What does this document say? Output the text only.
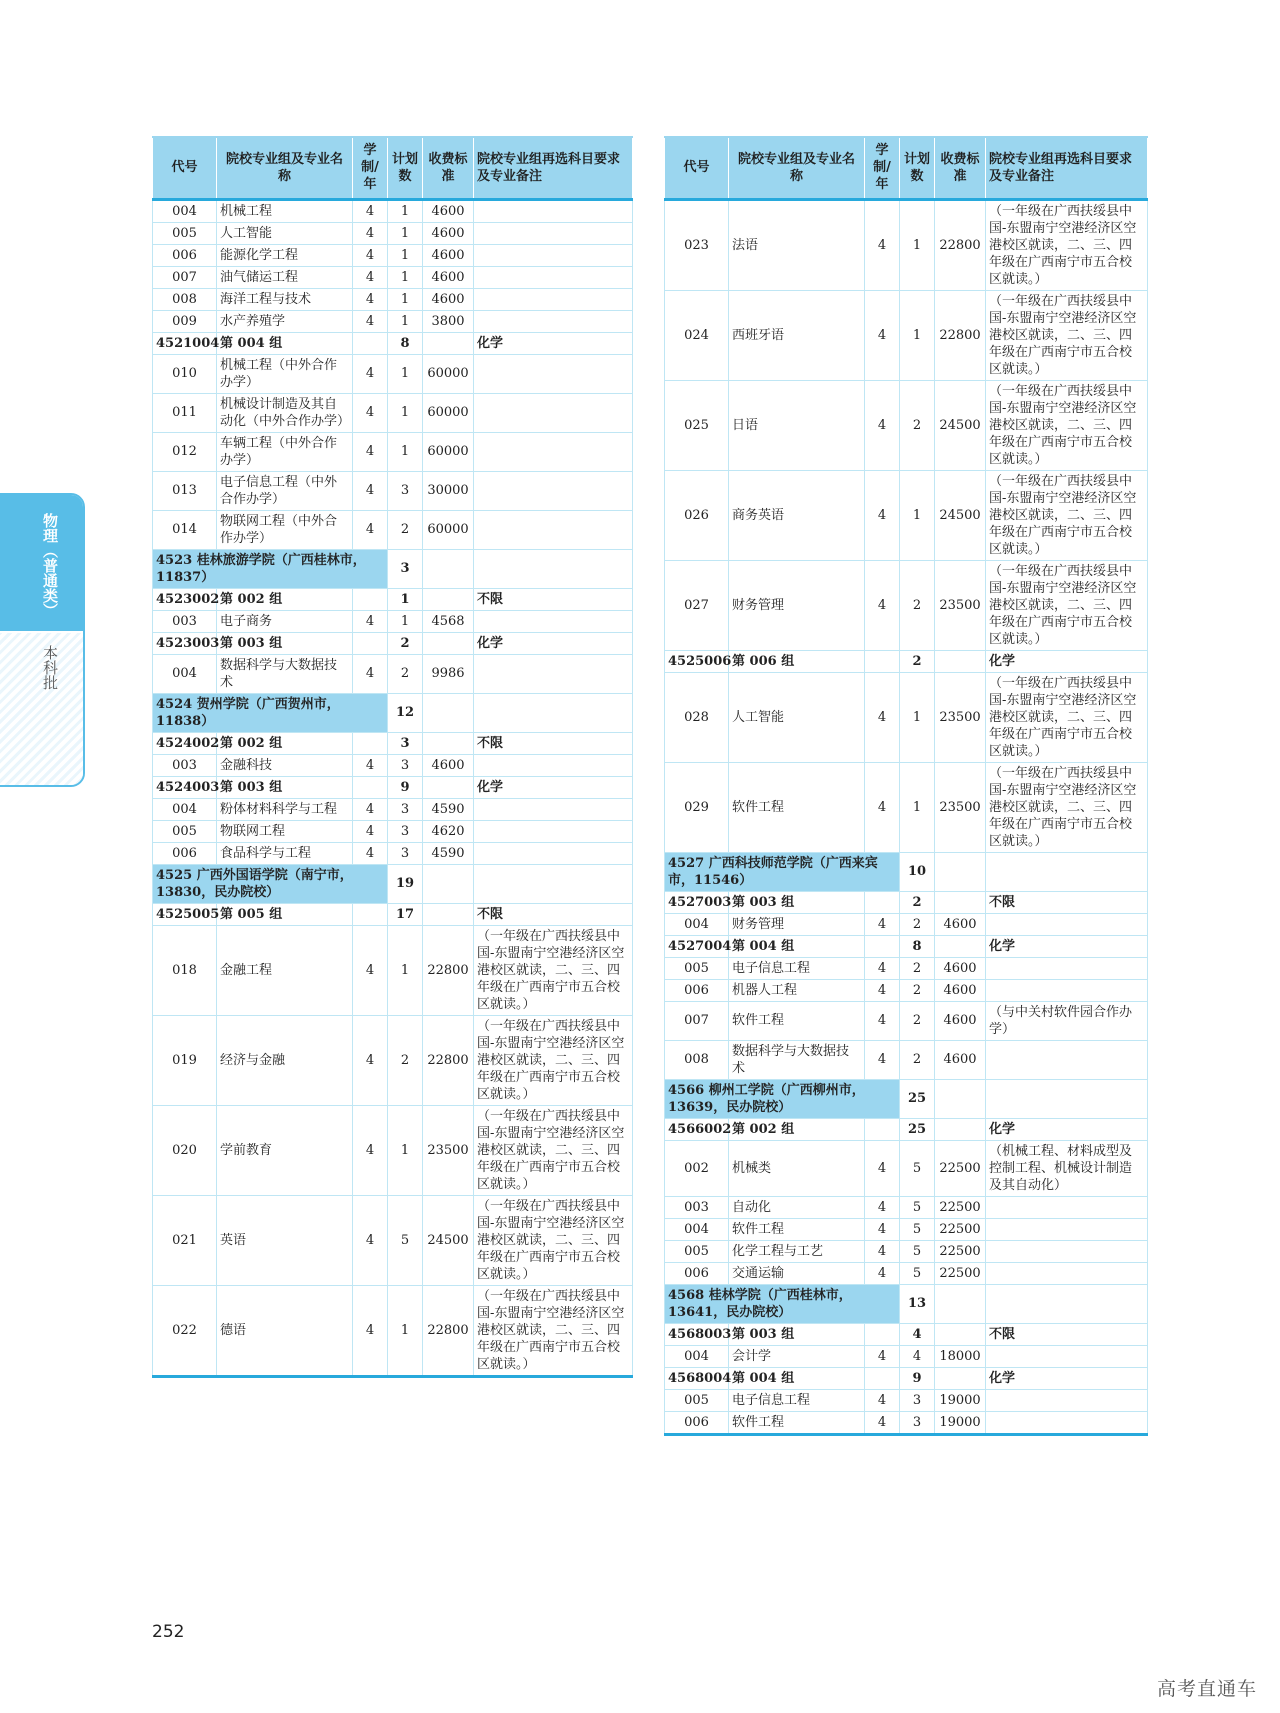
物理（普通类）
本科批
代号	院校专业组及专业名称	学制/年	计划数	收费标准	院校专业组再选科目要求及专业备注
004	机械工程	4	1	4600	
005	人工智能	4	1	4600	
006	能源化学工程	4	1	4600	
007	油气储运工程	4	1	4600	
008	海洋工程与技术	4	1	4600	
009	水产养殖学	4	1	3800	
4521004	第 004 组		8		化学
010	机械工程（中外合作办学）	4	1	60000	
011	机械设计制造及其自动化（中外合作办学）	4	1	60000	
012	车辆工程（中外合作办学）	4	1	60000	
013	电子信息工程（中外合作办学）	4	3	30000	
014	物联网工程（中外合作办学）	4	2	60000	
4523 桂林旅游学院（广西桂林市，11837）			3		
4523002	第 002 组		1		不限
003	电子商务	4	1	4568	
4523003	第 003 组		2		化学
004	数据科学与大数据技术	4	2	9986	
4524 贺州学院（广西贺州市，11838）			12		
4524002	第 002 组		3		不限
003	金融科技	4	3	4600	
4524003	第 003 组		9		化学
004	粉体材料科学与工程	4	3	4590	
005	物联网工程	4	3	4620	
006	食品科学与工程	4	3	4590	
4525 广西外国语学院（南宁市，13830，民办院校）			19		
4525005	第 005 组		17		不限
018	金融工程	4	1	22800	（一年级在广西扶绥县中国-东盟南宁空港经济区空港校区就读，二、三、四年级在广西南宁市五合校区就读。）
019	经济与金融	4	2	22800	（一年级在广西扶绥县中国-东盟南宁空港经济区空港校区就读，二、三、四年级在广西南宁市五合校区就读。）
020	学前教育	4	1	23500	（一年级在广西扶绥县中国-东盟南宁空港经济区空港校区就读，二、三、四年级在广西南宁市五合校区就读。）
021	英语	4	5	24500	（一年级在广西扶绥县中国-东盟南宁空港经济区空港校区就读，二、三、四年级在广西南宁市五合校区就读。）
022	德语	4	1	22800	（一年级在广西扶绥县中国-东盟南宁空港经济区空港校区就读，二、三、四年级在广西南宁市五合校区就读。）
代号	院校专业组及专业名称	学制/年	计划数	收费标准	院校专业组再选科目要求及专业备注
023	法语	4	1	22800	（一年级在广西扶绥县中国-东盟南宁空港经济区空港校区就读，二、三、四年级在广西南宁市五合校区就读。）
024	西班牙语	4	1	22800	（一年级在广西扶绥县中国-东盟南宁空港经济区空港校区就读，二、三、四年级在广西南宁市五合校区就读。）
025	日语	4	2	24500	（一年级在广西扶绥县中国-东盟南宁空港经济区空港校区就读，二、三、四年级在广西南宁市五合校区就读。）
026	商务英语	4	1	24500	（一年级在广西扶绥县中国-东盟南宁空港经济区空港校区就读，二、三、四年级在广西南宁市五合校区就读。）
027	财务管理	4	2	23500	（一年级在广西扶绥县中国-东盟南宁空港经济区空港校区就读，二、三、四年级在广西南宁市五合校区就读。）
4525006	第 006 组		2		化学
028	人工智能	4	1	23500	（一年级在广西扶绥县中国-东盟南宁空港经济区空港校区就读，二、三、四年级在广西南宁市五合校区就读。）
029	软件工程	4	1	23500	（一年级在广西扶绥县中国-东盟南宁空港经济区空港校区就读，二、三、四年级在广西南宁市五合校区就读。）
4527 广西科技师范学院（广西来宾市，11546）			10		
4527003	第 003 组		2		不限
004	财务管理	4	2	4600	
4527004	第 004 组		8		化学
005	电子信息工程	4	2	4600	
006	机器人工程	4	2	4600	
007	软件工程	4	2	4600	（与中关村软件园合作办学）
008	数据科学与大数据技术	4	2	4600	
4566 柳州工学院（广西柳州市，13639，民办院校）			25		
4566002	第 002 组		25		化学
002	机械类	4	5	22500	（机械工程、材料成型及控制工程、机械设计制造及其自动化）
003	自动化	4	5	22500	
004	软件工程	4	5	22500	
005	化学工程与工艺	4	5	22500	
006	交通运输	4	5	22500	
4568 桂林学院（广西桂林市，13641，民办院校）			13		
4568003	第 003 组		4		不限
004	会计学	4	4	18000	
4568004	第 004 组		9		化学
005	电子信息工程	4	3	19000	
006	软件工程	4	3	19000	
252
高考直通车
